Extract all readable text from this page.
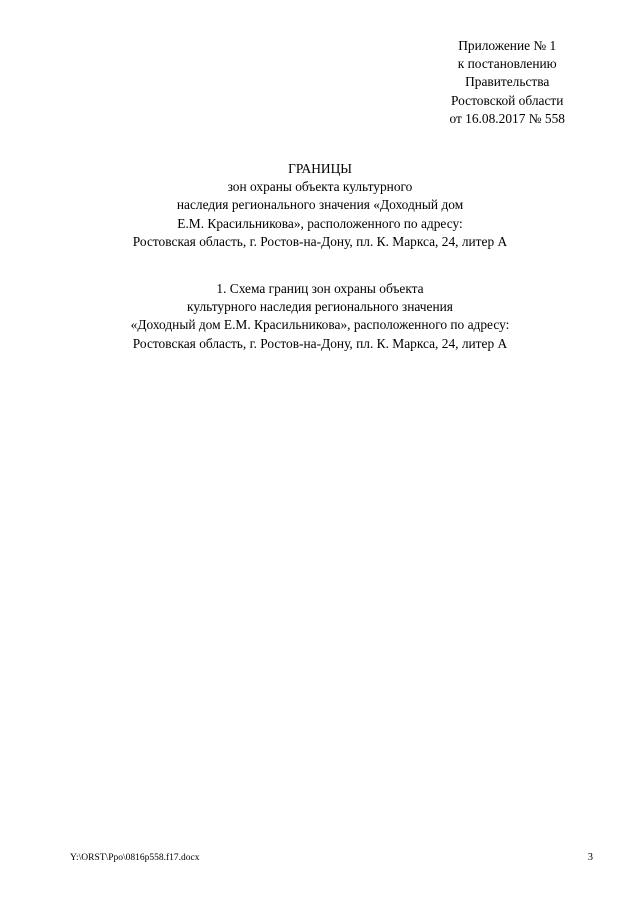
Приложение № 1
к постановлению
Правительства
Ростовской области
от 16.08.2017 № 558
ГРАНИЦЫ
зон охраны объекта культурного
наследия регионального значения «Доходный дом
Е.М. Красильникова», расположенного по адресу:
Ростовская область, г. Ростов-на-Дону, пл. К. Маркса, 24, литер А
1. Схема границ зон охраны объекта
культурного наследия регионального значения
«Доходный дом Е.М. Красильникова», расположенного по адресу:
Ростовская область, г. Ростов-на-Дону, пл. К. Маркса, 24, литер А
Y:\ORST\Ppo\0816p558.f17.docx	3
